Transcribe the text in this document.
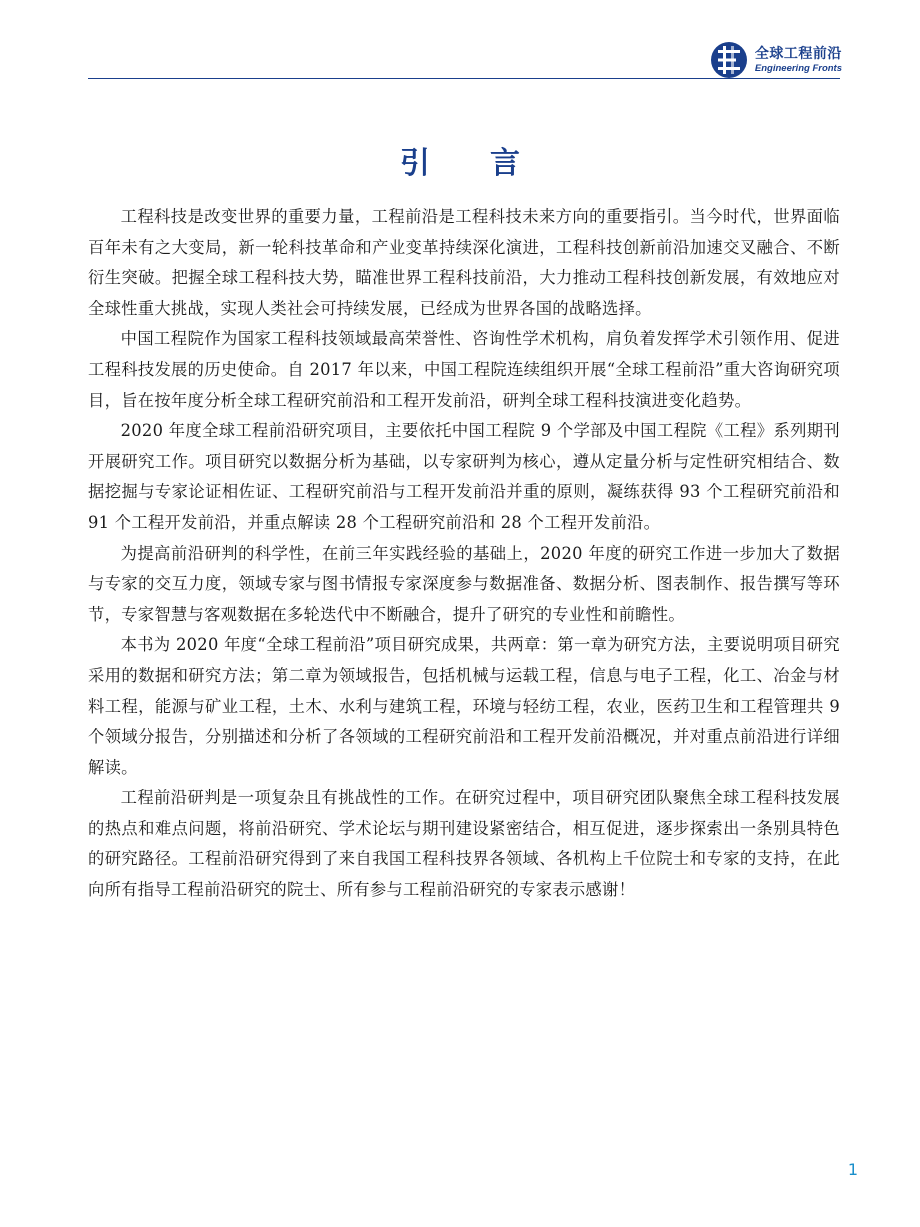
全球工程前沿
Engineering Fronts
引言

工程科技是改变世界的重要力量，工程前沿是工程科技未来方向的重要指引。当今时代，世界面临百年未有之大变局，新一轮科技革命和产业变革持续深化演进，工程科技创新前沿加速交叉融合、不断衍生突破。把握全球工程科技大势，瞄准世界工程科技前沿，大力推动工程科技创新发展，有效地应对全球性重大挑战，实现人类社会可持续发展，已经成为世界各国的战略选择。

中国工程院作为国家工程科技领域最高荣誉性、咨询性学术机构，肩负着发挥学术引领作用、促进工程科技发展的历史使命。自 2017 年以来，中国工程院连续组织开展“全球工程前沿”重大咨询研究项目，旨在按年度分析全球工程研究前沿和工程开发前沿，研判全球工程科技演进变化趋势。

2020 年度全球工程前沿研究项目，主要依托中国工程院 9 个学部及中国工程院《工程》系列期刊开展研究工作。项目研究以数据分析为基础，以专家研判为核心，遵从定量分析与定性研究相结合、数据挖掘与专家论证相佐证、工程研究前沿与工程开发前沿并重的原则，凝练获得 93 个工程研究前沿和 91 个工程开发前沿，并重点解读 28 个工程研究前沿和 28 个工程开发前沿。

为提高前沿研判的科学性，在前三年实践经验的基础上，2020 年度的研究工作进一步加大了数据与专家的交互力度，领域专家与图书情报专家深度参与数据准备、数据分析、图表制作、报告撰写等环节，专家智慧与客观数据在多轮迭代中不断融合，提升了研究的专业性和前瞻性。

本书为 2020 年度“全球工程前沿”项目研究成果，共两章：第一章为研究方法，主要说明项目研究采用的数据和研究方法；第二章为领域报告，包括机械与运载工程，信息与电子工程，化工、冶金与材料工程，能源与矿业工程，土木、水利与建筑工程，环境与轻纺工程，农业，医药卫生和工程管理共 9 个领域分报告，分别描述和分析了各领域的工程研究前沿和工程开发前沿概况，并对重点前沿进行详细解读。

工程前沿研判是一项复杂且有挑战性的工作。在研究过程中，项目研究团队聚焦全球工程科技发展的热点和难点问题，将前沿研究、学术论坛与期刊建设紧密结合，相互促进，逐步探索出一条别具特色的研究路径。工程前沿研究得到了来自我国工程科技界各领域、各机构上千位院士和专家的支持，在此向所有指导工程前沿研究的院士、所有参与工程前沿研究的专家表示感谢！

1
